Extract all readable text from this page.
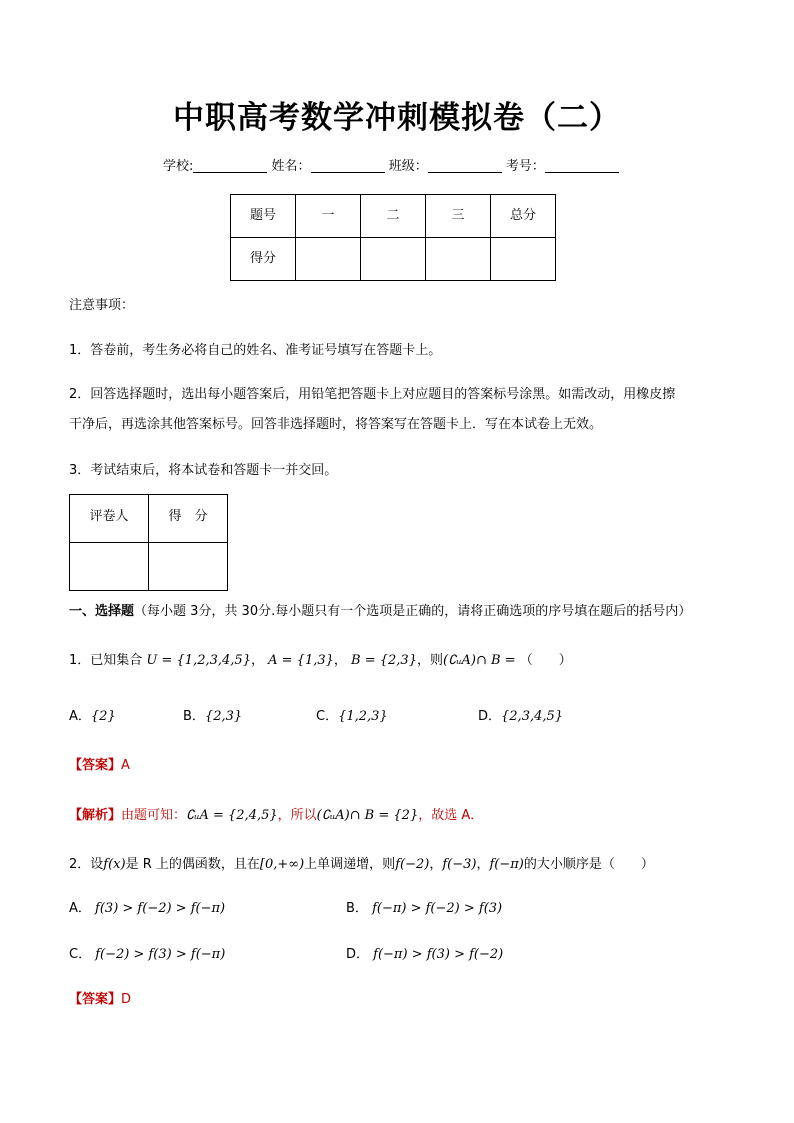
中职高考数学冲刺模拟卷（二）
学校:	姓名：	班级：	考号：
题号	一	二	三	总分
得分				
注意事项：
1．答卷前，考生务必将自己的姓名、准考证号填写在答题卡上。
2．回答选择题时，选出每小题答案后，用铅笔把答题卡上对应题目的答案标号涂黑。如需改动，用橡皮擦
干净后，再选涂其他答案标号。回答非选择题时，将答案写在答题卡上．写在本试卷上无效。
3．考试结束后，将本试卷和答题卡一并交回。
评卷人	得　分

一、选择题（每小题 3分，共 30分.每小题只有一个选项是正确的，请将正确选项的序号填在题后的括号内）
1．已知集合 U = {1,2,3,4,5}， A = {1,3}， B = {2,3}，则(∁ᵤA)∩ B = （　　）
A．{2}	B．{2,3}	C．{1,2,3}	D．{2,3,4,5}
【答案】A
【解析】由题可知：∁ᵤA = {2,4,5}，所以(∁ᵤA)∩ B = {2}，故选 A．
2．设f(x)是 R 上的偶函数，且在[0,+∞)上单调递增，则f(−2)，f(−3)，f(−π)的大小顺序是（　　）
A． f(3) > f(−2) > f(−π)	B． f(−π) > f(−2) > f(3)
C． f(−2) > f(3) > f(−π)	D． f(−π) > f(3) > f(−2)
【答案】D
